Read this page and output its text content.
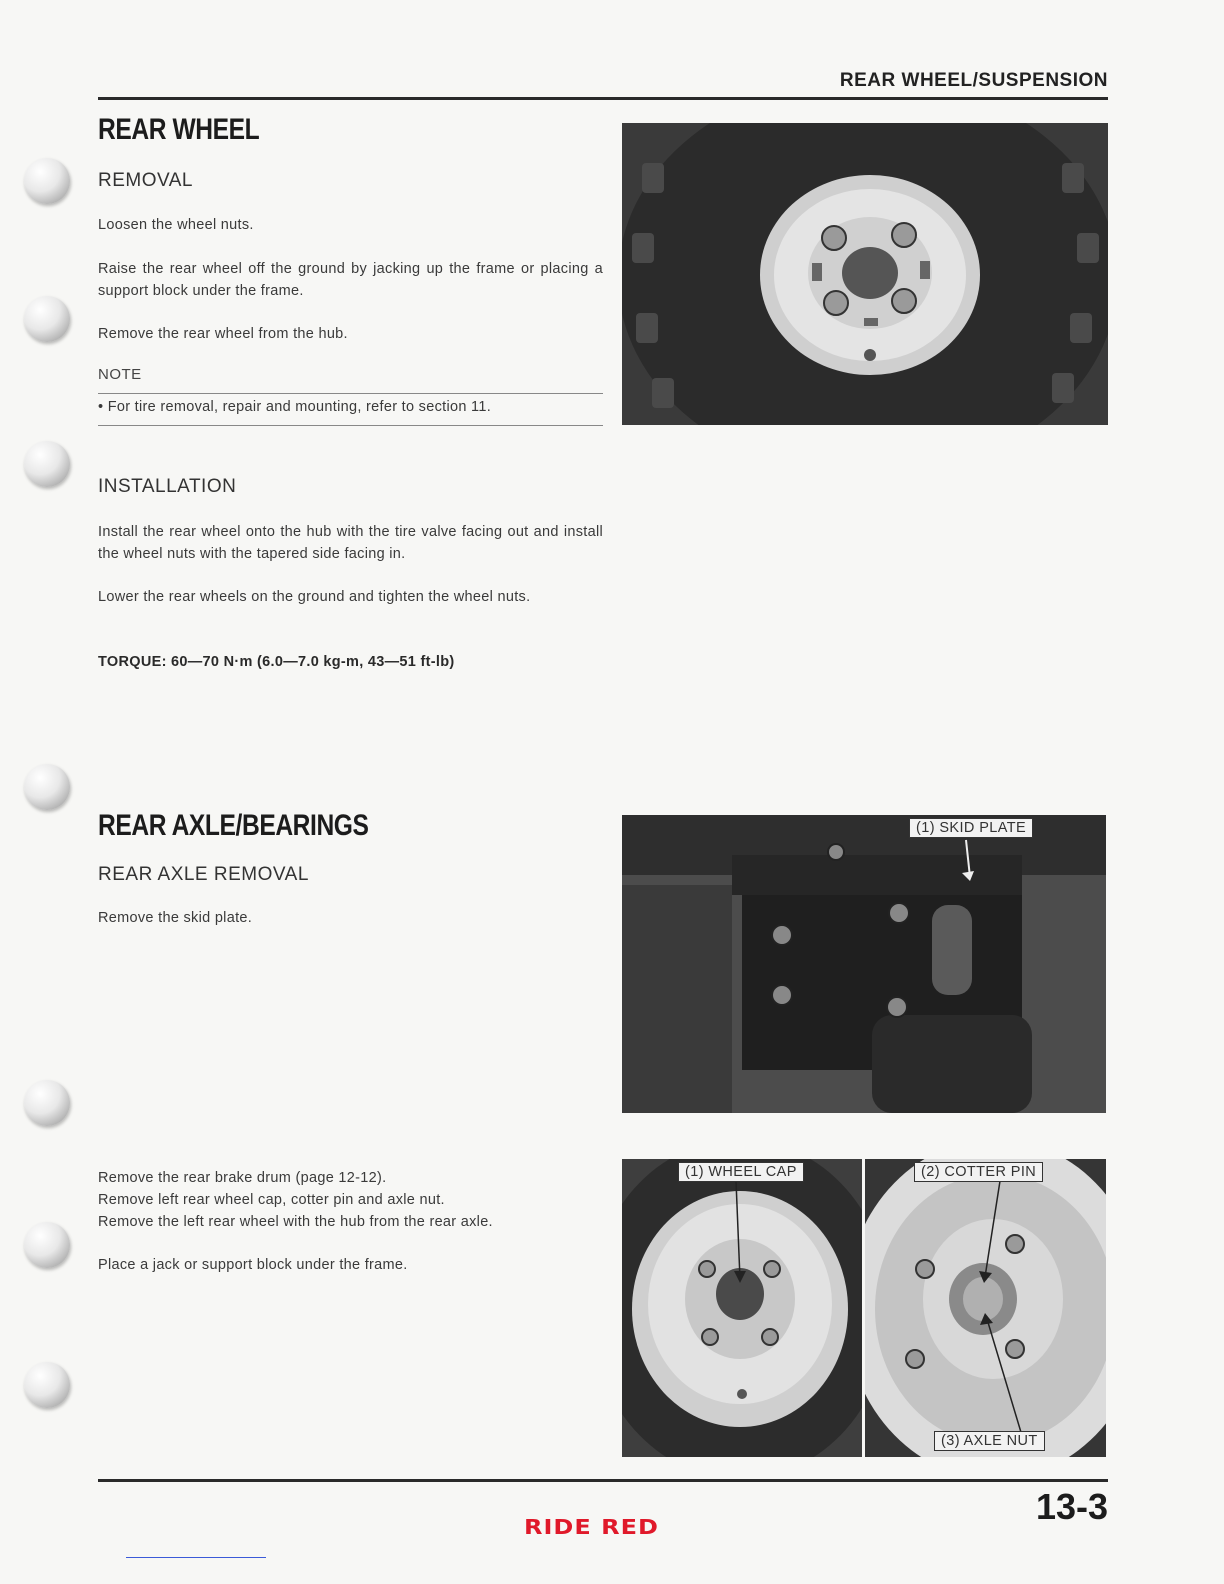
REAR WHEEL/SUSPENSION
REAR WHEEL
REMOVAL
Loosen the wheel nuts.
Raise the rear wheel off the ground by jacking up the frame or placing a support block under the frame.
Remove the rear wheel from the hub.
NOTE
• For tire removal, repair and mounting, refer to section 11.
INSTALLATION
Install the rear wheel onto the hub with the tire valve facing out and install the wheel nuts with the tapered side facing in.
Lower the rear wheels on the ground and tighten the wheel nuts.
TORQUE: 60—70 N·m (6.0—7.0 kg-m, 43—51 ft-lb)
REAR AXLE/BEARINGS
REAR AXLE REMOVAL
Remove the skid plate.
Remove the rear brake drum (page 12-12).
Remove left rear wheel cap, cotter pin and axle nut.
Remove the left rear wheel with the hub from the rear axle.
Place a jack or support block under the frame.
(1) SKID PLATE
(1) WHEEL CAP	(2) COTTER PIN
(3) AXLE NUT
RIDE RED	13-3
